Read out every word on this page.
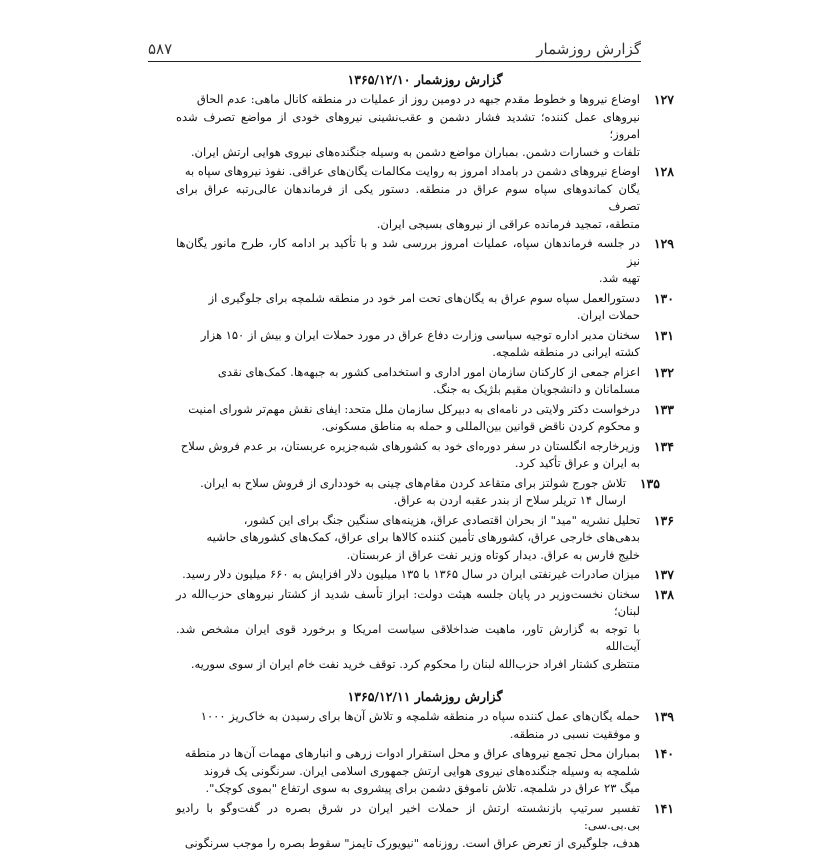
گزارش روزشمار
۵۸۷
گزارش روزشمار ۱۳۶۵/۱۲/۱۰
۱۲۷
اوضاع نیروها و خطوط مقدم جبهه در دومین روز از عملیات در منطقه کانال ماهی: عدم الحاق
نیروهای عمل کننده؛ تشدید فشار دشمن و عقب‌نشینی نیروهای خودی از مواضع تصرف شده امروز؛
تلفات و خسارات دشمن. بمباران مواضع دشمن به وسیله جنگنده‌های نیروی هوایی ارتش ایران.
۱۲۸
اوضاع نیروهای دشمن در بامداد امروز به روایت مکالمات یگان‌های عراقی. نفوذ نیروهای سپاه به
یگان کماندوهای سپاه سوم عراق در منطقه. دستور یکی از فرماندهان عالی‌رتبه عراق برای تصرف
منطقه، تمجید فرمانده عراقی از نیروهای بسیجی ایران.
۱۲۹
در جلسه فرماندهان سپاه، عملیات امروز بررسی شد و با تأکید بر ادامه کار، طرح مانور یگان‌ها نیز
تهیه شد.
۱۳۰
دستورالعمل سپاه سوم عراق به یگان‌های تحت امر خود در منطقه شلمچه برای جلوگیری از
حملات ایران.
۱۳۱
سخنان مدیر اداره توجیه سیاسی وزارت دفاع عراق در مورد حملات ایران و بیش از ۱۵۰ هزار
کشته ایرانی در منطقه شلمچه.
۱۳۲
اعزام جمعی از کارکنان سازمان امور اداری و استخدامی کشور به جبهه‌ها. کمک‌های نقدی
مسلمانان و دانشجویان مقیم بلژیک به جنگ.
۱۳۳
درخواست دکتر ولایتی در نامه‌ای به دبیرکل سازمان ملل متحد: ایفای نقش مهم‌تر شورای امنیت
و محکوم کردن ناقض قوانین بین‌المللی و حمله به مناطق مسکونی.
۱۳۴
وزیرخارجه انگلستان در سفر دوره‌ای خود به کشورهای شبه‌جزیره عربستان، بر عدم فروش سلاح
به ایران و عراق تأکید کرد.
۱۳۵
تلاش جورج شولتز برای متقاعد کردن مقام‌های چینی به خودداری از فروش سلاح به ایران.
ارسال ۱۴ تریلر سلاح از بندر عقبه اردن به عراق.
۱۳۶
تحلیل نشریه "مید" از بحران اقتصادی عراق، هزینه‌های سنگین جنگ برای این کشور،
بدهی‌های خارجی عراق، کشورهای تأمین کننده کالاها برای عراق، کمک‌های کشورهای حاشیه
خلیج فارس به عراق. دیدار کوتاه وزیر نفت عراق از عربستان.
۱۳۷
میزان صادرات غیرنفتی ایران در سال ۱۳۶۵ با ۱۳۵ میلیون دلار افزایش به ۶۶۰ میلیون دلار رسید.
۱۳۸
سخنان نخست‌وزیر در پایان جلسه هیئت دولت: ابراز تأسف شدید از کشتار نیروهای حزب‌الله در لبنان؛
با توجه به گزارش تاور، ماهیت ضداخلاقی سیاست امریکا و برخورد قوی ایران مشخص شد. آیت‌الله
منتظری کشتار افراد حزب‌الله لبنان را محکوم کرد. توقف خرید نفت خام ایران از سوی سوریه.
گزارش روزشمار ۱۳۶۵/۱۲/۱۱
۱۳۹
حمله یگان‌های عمل کننده سپاه در منطقه شلمچه و تلاش آن‌ها برای رسیدن به خاک‌ریز ۱۰۰۰
و موفقیت نسبی در منطقه.
۱۴۰
بمباران محل تجمع نیروهای عراق و محل استقرار ادوات زرهی و انبارهای مهمات آن‌ها در منطقه
شلمچه به وسیله جنگنده‌های نیروی هوایی ارتش جمهوری اسلامی ایران. سرنگونی یک فروند
میگ ۲۳ عراق در شلمچه. تلاش ناموفق دشمن برای پیشروی به سوی ارتفاع "بموی کوچک".
۱۴۱
تفسیر سرتیپ بازنشسته ارتش از حملات اخیر ایران در شرق بصره در گفت‌وگو با رادیو بی.بی.سی:
هدف، جلوگیری از تعرض عراق است. روزنامه "نیویورک تایمز" سقوط بصره را موجب سرنگونی
